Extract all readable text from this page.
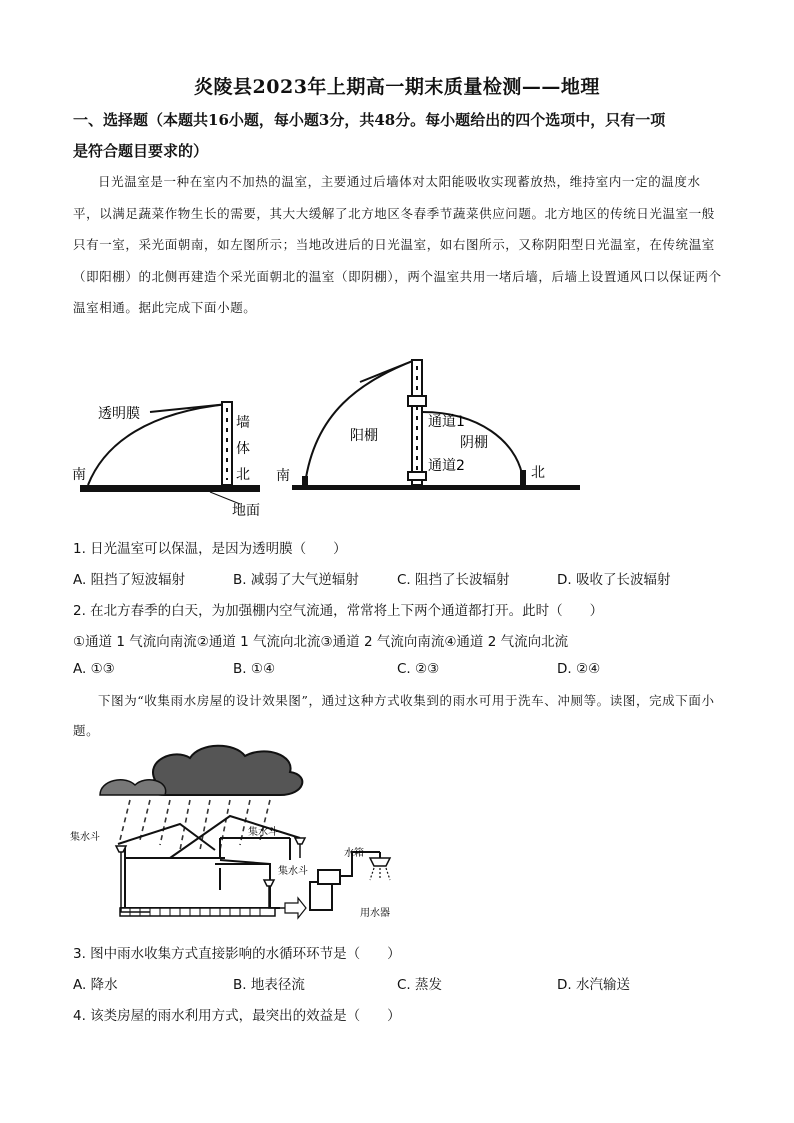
炎陵县2023年上期高一期末质量检测——地理
一、选择题（本题共16小题，每小题3分，共48分。每小题给出的四个选项中，只有一项
是符合题目要求的）
日光温室是一种在室内不加热的温室，主要通过后墙体对太阳能吸收实现蓄放热，维持室内一定的温度水平，以满足蔬菜作物生长的需要，其大大缓解了北方地区冬春季节蔬菜供应问题。北方地区的传统日光温室一般只有一室，采光面朝南，如左图所示；当地改进后的日光温室，如右图所示，又称阴阳型日光温室，在传统温室（即阳棚）的北侧再建造个采光面朝北的温室（即阴棚），两个温室共用一堵后墙，后墙上设置通风口以保证两个温室相通。据此完成下面小题。
透明膜
墙
体
北
南
地面
阳棚	阴棚
通道1
通道2
南	北
1. 日光温室可以保温，是因为透明膜（　　）
A. 阻挡了短波辐射	B. 减弱了大气逆辐射	C. 阻挡了长波辐射	D. 吸收了长波辐射
2. 在北方春季的白天，为加强棚内空气流通，常常将上下两个通道都打开。此时（　　）
①通道 1 气流向南流②通道 1 气流向北流③通道 2 气流向南流④通道 2 气流向北流
A. ①③	B. ①④	C. ②③	D. ②④
下图为“收集雨水房屋的设计效果图”，通过这种方式收集到的雨水可用于洗车、冲厕等。读图，完成下面小题。
集水斗	集水斗
集水斗
水箱
用水器
3. 图中雨水收集方式直接影响的水循环环节是（　　）
A. 降水	B. 地表径流	C. 蒸发	D. 水汽输送
4. 该类房屋的雨水利用方式，最突出的效益是（　　）
